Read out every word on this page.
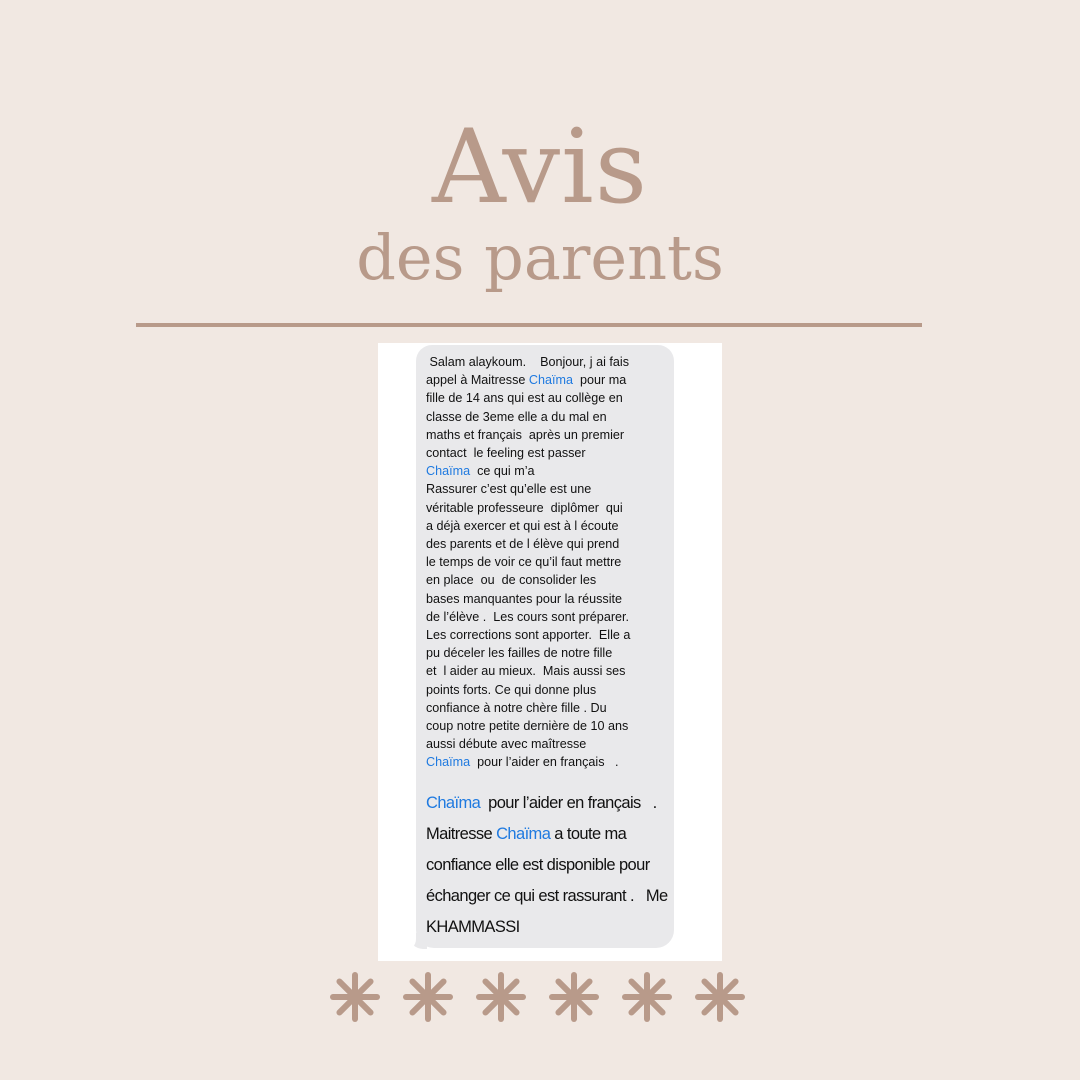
Avis
des parents
Salam alaykoum.    Bonjour, j ai fais
appel à Maitresse Chaïma  pour ma
fille de 14 ans qui est au collège en
classe de 3eme elle a du mal en
maths et français  après un premier
contact  le feeling est passer
Chaïma  ce qui m’a
Rassurer c’est qu’elle est une
véritable professeure  diplômer  qui
a déjà exercer et qui est à l écoute
des parents et de l élève qui prend
le temps de voir ce qu’il faut mettre
en place  ou  de consolider les
bases manquantes pour la réussite
de l’élève .  Les cours sont préparer.
Les corrections sont apporter.  Elle a
pu déceler les failles de notre fille
et  l aider au mieux.  Mais aussi ses
points forts. Ce qui donne plus
confiance à notre chère fille . Du
coup notre petite dernière de 10 ans
aussi débute avec maîtresse
Chaïma  pour l’aider en français   .
Chaïma  pour l’aider en français   .
Maitresse Chaïma a toute ma
confiance elle est disponible pour
échanger ce qui est rassurant .   Me
KHAMMASSI
